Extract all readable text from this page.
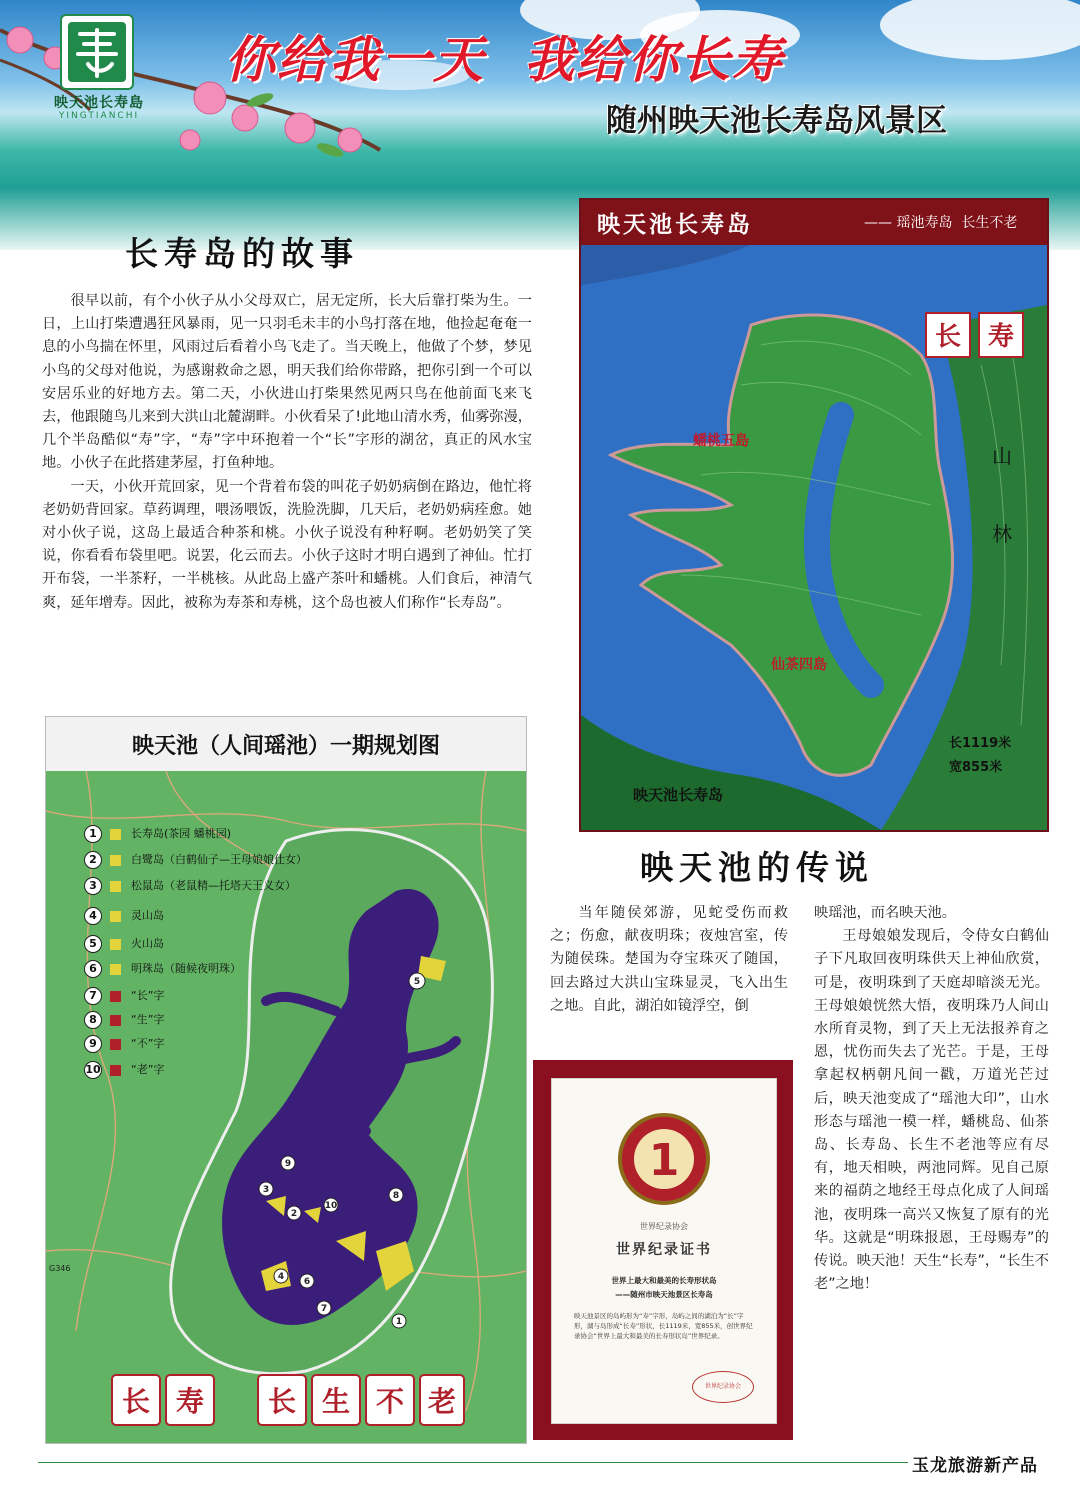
映天池长寿島
YINGTIANCHI
你给我一天  我给你长寿
随州映天池长寿岛风景区
长寿岛的故事

很早以前，有个小伙子从小父母双亡，居无定所，长大后靠打柴为生。一日，上山打柴遭遇狂风暴雨，见一只羽毛未丰的小鸟打落在地，他捡起奄奄一息的小鸟揣在怀里，风雨过后看着小鸟飞走了。当天晚上，他做了个梦，梦见小鸟的父母对他说，为感谢救命之恩，明天我们给你带路，把你引到一个可以安居乐业的好地方去。第二天，小伙进山打柴果然见两只鸟在他前面飞来飞去，他跟随鸟儿来到大洪山北麓湖畔。小伙看呆了!此地山清水秀，仙雾弥漫，几个半岛酷似“寿”字，“寿”字中环抱着一个“长”字形的湖岔，真正的风水宝地。小伙子在此搭建茅屋，打鱼种地。

一天，小伙开荒回家，见一个背着布袋的叫花子奶奶病倒在路边，他忙将老奶奶背回家。草药调理，喂汤喂饭，洗脸洗脚，几天后，老奶奶病痊愈。她对小伙子说，这岛上最适合种茶和桃。小伙子说没有种籽啊。老奶奶笑了笑说，你看看布袋里吧。说罢，化云而去。小伙子这时才明白遇到了神仙。忙打开布袋，一半茶籽，一半桃核。从此岛上盛产茶叶和蟠桃。人们食后，神清气爽，延年增寿。因此，被称为寿茶和寿桃，这个岛也被人们称作“长寿岛”。

映天池长寿岛	—— 瑶池寿岛  长生不老
长 寿
蟠桃五島
仙茶四島
山
林
长1119米
宽855米
映天池长寿岛
映天池（人间瑶池）一期规划图
5
1
2
3
4 6
7
8
9
10
G346
1	长寿岛(茶园 蟠桃园)
2	白鹭岛（白鹤仙子—王母娘娘仕女）
3	松鼠岛（老鼠精—托塔天王义女）
4	灵山岛
5	火山岛
6	明珠岛（随候夜明珠）
7	“长”字
8	“生”字
9	“不”字
10	“老”字
长 寿 长 生 不 老
映天池的传说

当年随侯郊游，见蛇受伤而救之；伤愈，献夜明珠；夜烛宫室，传为随侯珠。楚国为夺宝珠灭了随国，回去路过大洪山宝珠显灵，飞入出生之地。自此，湖泊如镜浮空，倒

映瑶池，而名映天池。

王母娘娘发现后，令侍女白鹤仙子下凡取回夜明珠供天上神仙欣赏，可是，夜明珠到了天庭却暗淡无光。王母娘娘恍然大悟，夜明珠乃人间山水所育灵物，到了天上无法报养育之恩，忧伤而失去了光芒。于是，王母拿起权柄朝凡间一戳，万道光芒过后，映天池变成了“瑶池大印”，山水形态与瑶池一模一样，蟠桃岛、仙茶岛、长寿岛、长生不老池等应有尽有，地天相映，两池同辉。见自己原来的福荫之地经王母点化成了人间瑶池，夜明珠一高兴又恢复了原有的光华。这就是“明珠报恩，王母赐寿”的传说。映天池！天生“长寿”，“长生不老”之地！

1
世界纪录协会
世界纪录证书
世界上最大和最美的长寿形状岛
——随州市映天池景区长寿岛
映天池景区的岛屿形为“寿”字形，岛屿之间的湖泊为“长”字形，湖与岛形成“长寿”形状，长1119米，宽855米，创世界纪录协会“世界上最大和最美的长寿形状岛”世界纪录。
世界纪录协会
玉龙旅游新产品
